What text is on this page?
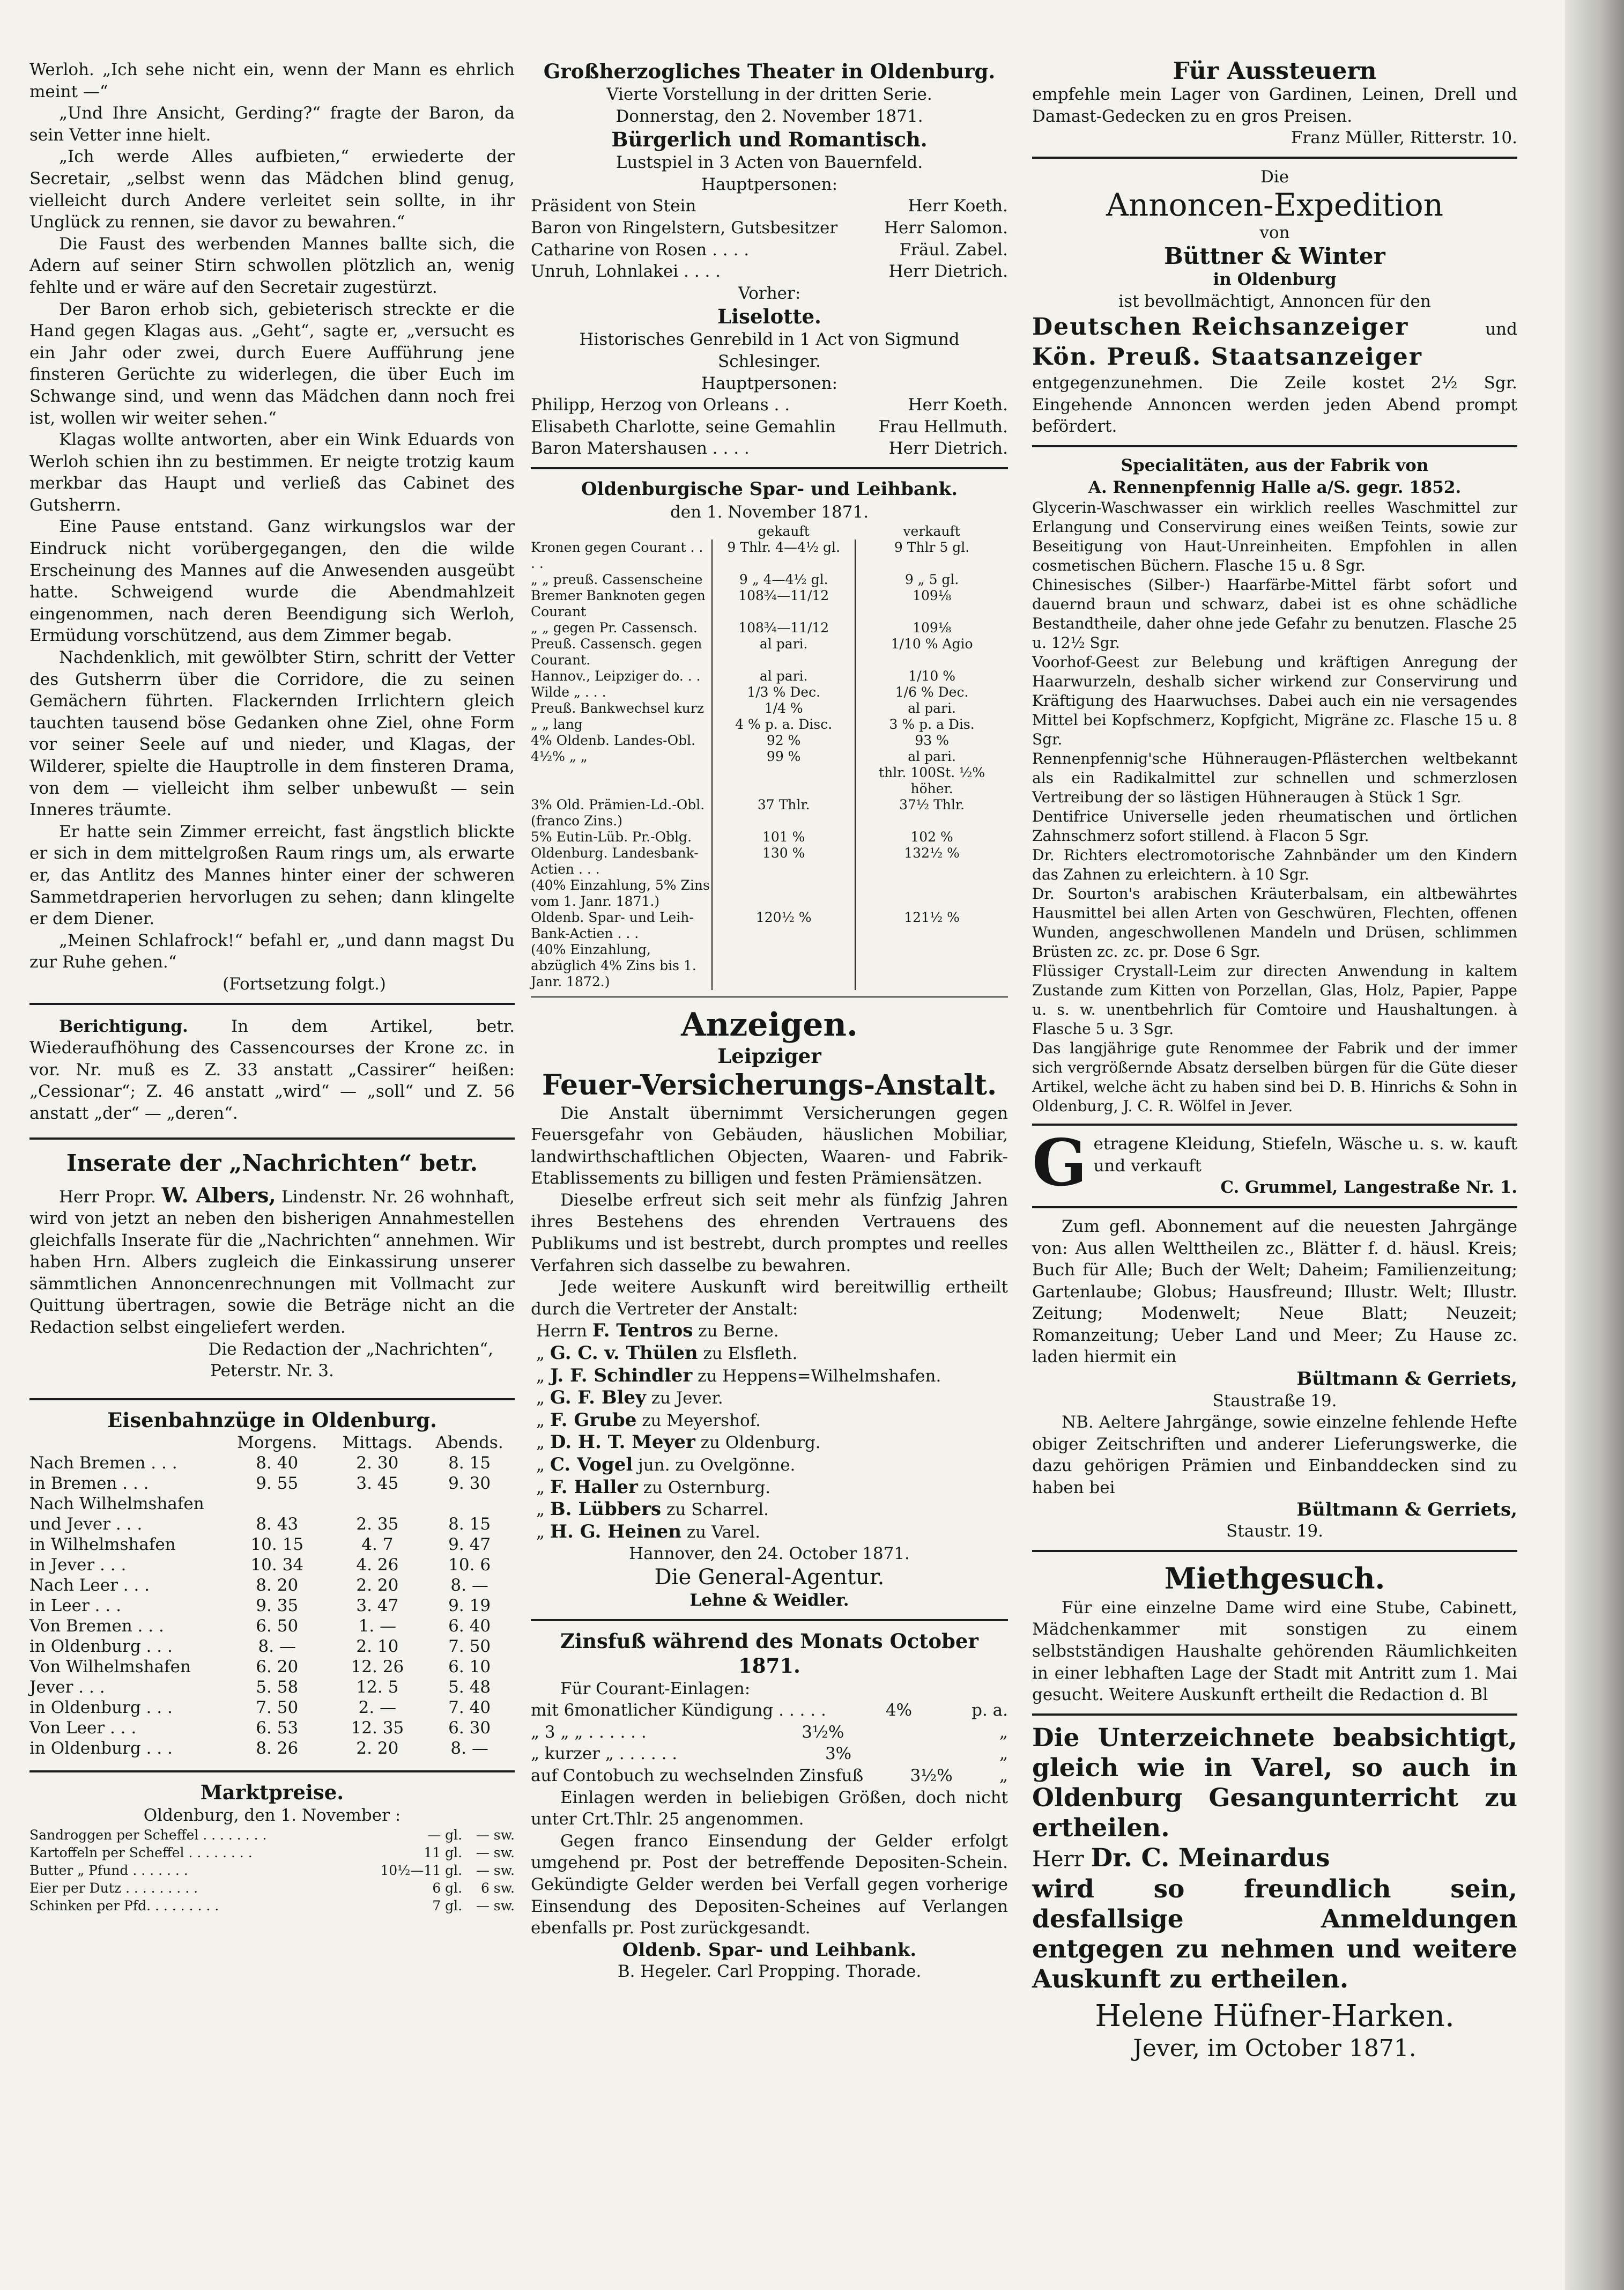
Werloh. „Ich sehe nicht ein, wenn der Mann es ehrlich meint —“

„Und Ihre Ansicht, Gerding?“ fragte der Baron, da sein Vetter inne hielt.

„Ich werde Alles aufbieten,“ erwiederte der Secretair, „selbst wenn das Mädchen blind genug, vielleicht durch Andere verleitet sein sollte, in ihr Unglück zu rennen, sie davor zu bewahren.“

Die Faust des werbenden Mannes ballte sich, die Adern auf seiner Stirn schwollen plötzlich an, wenig fehlte und er wäre auf den Secretair zugestürzt.

Der Baron erhob sich, gebieterisch streckte er die Hand gegen Klagas aus. „Geht“, sagte er, „versucht es ein Jahr oder zwei, durch Euere Aufführung jene finsteren Gerüchte zu widerlegen, die über Euch im Schwange sind, und wenn das Mädchen dann noch frei ist, wollen wir weiter sehen.“

Klagas wollte antworten, aber ein Wink Eduards von Werloh schien ihn zu bestimmen. Er neigte trotzig kaum merkbar das Haupt und verließ das Cabinet des Gutsherrn.

Eine Pause entstand. Ganz wirkungslos war der Eindruck nicht vorübergegangen, den die wilde Erscheinung des Mannes auf die Anwesenden ausgeübt hatte. Schweigend wurde die Abendmahlzeit eingenommen, nach deren Beendigung sich Werloh, Ermüdung vorschützend, aus dem Zimmer begab.

Nachdenklich, mit gewölbter Stirn, schritt der Vetter des Gutsherrn über die Corridore, die zu seinen Gemächern führten. Flackernden Irrlichtern gleich tauchten tausend böse Gedanken ohne Ziel, ohne Form vor seiner Seele auf und nieder, und Klagas, der Wilderer, spielte die Hauptrolle in dem finsteren Drama, von dem — vielleicht ihm selber unbewußt — sein Inneres träumte.

Er hatte sein Zimmer erreicht, fast ängstlich blickte er sich in dem mittelgroßen Raum rings um, als erwarte er, das Antlitz des Mannes hinter einer der schweren Sammetdraperien hervorlugen zu sehen; dann klingelte er dem Diener.

„Meinen Schlafrock!“ befahl er, „und dann magst Du zur Ruhe gehen.“

(Fortsetzung folgt.)

Berichtigung.	In dem Artikel, betr. Wiederaufhöhung des Cassencourses der Krone zc. in vor. Nr. muß es Z. 33 anstatt „Cassirer“ heißen: „Cessionar“; Z. 46 anstatt „wird“ — „soll“ und Z. 56 anstatt „der“ — „deren“.

Inserate der „Nachrichten“ betr.

Herr Propr. W. Albers, Lindenstr. Nr. 26 wohnhaft, wird von jetzt an neben den bisherigen Annahmestellen gleichfalls Inserate für die „Nachrichten“ annehmen. Wir haben Hrn. Albers zugleich die Einkassirung unserer sämmtlichen Annoncenrechnungen mit Vollmacht zur Quittung übertragen, sowie die Beträge nicht an die Redaction selbst eingeliefert werden.

Die Redaction der „Nachrichten“,

Peterstr. Nr. 3.

Eisenbahnzüge in Oldenburg.
	Morgens.	Mittags.	Abends.
Nach Bremen . . .	8. 40	2. 30	8. 15
in Bremen . . .	9. 55	3. 45	9. 30
Nach Wilhelmshafen			
und Jever . . .	8. 43	2. 35	8. 15
in Wilhelmshafen	10. 15	4. 7	9. 47
in Jever . . .	10. 34	4. 26	10. 6
Nach Leer . . .	8. 20	2. 20	8. —
in Leer . . .	9. 35	3. 47	9. 19
Von Bremen . . .	6. 50	1. —	6. 40
in Oldenburg . . .	8. —	2. 10	7. 50
Von Wilhelmshafen	6. 20	12. 26	6. 10
Jever . . .	5. 58	12. 5	5. 48
in Oldenburg . . .	7. 50	2. —	7. 40
Von Leer . . .	6. 53	12. 35	6. 30
in Oldenburg . . .	8. 26	2. 20	8. —
Marktpreise.

Oldenburg, den 1. November :

Sandroggen per Scheffel . . . . . . . .	— gl.	— sw.
Kartoffeln per Scheffel . . . . . . . .	11 gl.	— sw.
Butter „ Pfund . . . . . . .	10½—11 gl.	— sw.
Eier per Dutz . . . . . . . . .	6 gl.	6 sw.
Schinken per Pfd. . . . . . . . .	7 gl.	— sw.
Großherzogliches Theater in Oldenburg.

Vierte Vorstellung in der dritten Serie.

Donnerstag, den 2. November 1871.

Bürgerlich und Romantisch.

Lustspiel in 3 Acten von Bauernfeld.

Hauptpersonen:

Präsident von Stein	Herr Koeth.
Baron von Ringelstern, Gutsbesitzer	Herr Salomon.
Catharine von Rosen . . . .	Fräul. Zabel.
Unruh, Lohnlakei . . . .	Herr Dietrich.

Vorher:

Liselotte.

Historisches Genrebild in 1 Act von Sigmund Schlesinger.

Hauptpersonen:

Philipp, Herzog von Orleans . .	Herr Koeth.
Elisabeth Charlotte, seine Gemahlin	Frau Hellmuth.
Baron Matershausen . . . .	Herr Dietrich.
Oldenburgische Spar- und Leihbank.

den 1. November 1871.

	gekauft	verkauft
Kronen gegen Courant . . . .	9 Thlr. 4—4½ gl.	9 Thlr 5 gl.
„ „ preuß. Cassenscheine	9 „ 4—4½ gl.	9 „ 5 gl.
Bremer Banknoten gegen Courant	108¾—11/12	109⅛
„ „ gegen Pr. Cassensch.	108¾—11/12	109⅛
Preuß. Cassensch. gegen Courant.	al pari.	1/10 % Agio
Hannov., Leipziger do. . .	al pari.	1/10 %
Wilde „ . . .	1/3 % Dec.	1/6 % Dec.
Preuß. Bankwechsel kurz	1/4 %	al pari.
„ „ lang	4 % p. a. Disc.	3 % p. a Dis.
4% Oldenb. Landes-Obl.	92 %	93 %
4½% „ „	99 %	al pari.
		thlr. 100St. ½% höher.
3% Old. Prämien-Ld.-Obl. (franco Zins.)	37 Thlr.	37½ Thlr.
5% Eutin-Lüb. Pr.-Oblg.	101 %	102 %
Oldenburg. Landesbank-Actien . . .	130 %	132½ %
(40% Einzahlung, 5% Zins vom 1. Janr. 1871.)		
Oldenb. Spar- und Leih-Bank-Actien . . .	120½ %	121½ %
(40% Einzahlung, abzüglich 4% Zins bis 1. Janr. 1872.)		
Anzeigen.
Leipziger
Feuer-Versicherungs-Anstalt.

Die Anstalt übernimmt Versicherungen gegen Feuersgefahr von Gebäuden, häuslichen Mobiliar, landwirthschaftlichen Objecten, Waaren- und Fabrik-Etablissements zu billigen und festen Prämiensätzen.

Dieselbe erfreut sich seit mehr als fünfzig Jahren ihres Bestehens des ehrenden Vertrauens des Publikums und ist bestrebt, durch promptes und reelles Verfahren sich dasselbe zu bewahren.

Jede weitere Auskunft wird bereitwillig ertheilt durch die Vertreter der Anstalt:

Herrn F. Tentros zu Berne.

„ G. C. v. Thülen zu Elsfleth.

„ J. F. Schindler zu Heppens=Wilhelmshafen.

„ G. F. Bley zu Jever.

„ F. Grube zu Meyershof.

„ D. H. T. Meyer zu Oldenburg.

„ C. Vogel jun. zu Ovelgönne.

„ F. Haller zu Osternburg.

„ B. Lübbers zu Scharrel.

„ H. G. Heinen zu Varel.

Hannover, den 24. October 1871.

Die General-Agentur.

Lehne & Weidler.

Zinsfuß während des Monats October 1871.

Für Courant-Einlagen:

mit 6monatlicher Kündigung . . . . .	4%	p. a.
„ 3 „ „ . . . . . .	3½%	„
„ kurzer „ . . . . . .	3%	„
auf Contobuch zu wechselnden Zinsfuß	3½%	„

Einlagen werden in beliebigen Größen, doch nicht unter Crt.Thlr. 25 angenommen.

Gegen franco Einsendung der Gelder erfolgt umgehend pr. Post der betreffende Depositen-Schein. Gekündigte Gelder werden bei Verfall gegen vorherige Einsendung des Depositen-Scheines auf Verlangen ebenfalls pr. Post zurückgesandt.

Oldenb. Spar- und Leihbank.

B. Hegeler. Carl Propping. Thorade.

Für Aussteuern

empfehle mein Lager von Gardinen, Leinen, Drell und Damast-Gedecken zu en gros Preisen.

Franz Müller, Ritterstr. 10.

Die

Annoncen-Expedition

von

Büttner & Winter

in Oldenburg

ist bevollmächtigt, Annoncen für den

Deutschen Reichsanzeiger	und
Kön. Preuß. Staatsanzeiger

entgegenzunehmen. Die Zeile kostet 2½ Sgr. Eingehende Annoncen werden jeden Abend prompt befördert.

Specialitäten, aus der Fabrik von

A. Rennenpfennig Halle a/S. gegr. 1852.

Glycerin-Waschwasser ein wirklich reelles Waschmittel zur Erlangung und Conservirung eines weißen Teints, sowie zur Beseitigung von Haut-Unreinheiten. Empfohlen in allen cosmetischen Büchern. Flasche 15 u. 8 Sgr.

Chinesisches (Silber-) Haarfärbe-Mittel färbt sofort und dauernd braun und schwarz, dabei ist es ohne schädliche Bestandtheile, daher ohne jede Gefahr zu benutzen. Flasche 25 u. 12½ Sgr.

Voorhof-Geest zur Belebung und kräftigen Anregung der Haarwurzeln, deshalb sicher wirkend zur Conservirung und Kräftigung des Haarwuchses. Dabei auch ein nie versagendes Mittel bei Kopfschmerz, Kopfgicht, Migräne zc. Flasche 15 u. 8 Sgr.

Rennenpfennig'sche Hühneraugen-Pflästerchen weltbekannt als ein Radikalmittel zur schnellen und schmerzlosen Vertreibung der so lästigen Hühneraugen à Stück 1 Sgr.

Dentifrice Universelle jeden rheumatischen und örtlichen Zahnschmerz sofort stillend. à Flacon 5 Sgr.

Dr. Richters electromotorische Zahnbänder um den Kindern das Zahnen zu erleichtern. à 10 Sgr.

Dr. Sourton's arabischen Kräuterbalsam, ein altbewährtes Hausmittel bei allen Arten von Geschwüren, Flechten, offenen Wunden, angeschwollenen Mandeln und Drüsen, schlimmen Brüsten zc. zc. pr. Dose 6 Sgr.

Flüssiger Crystall-Leim zur directen Anwendung in kaltem Zustande zum Kitten von Porzellan, Glas, Holz, Papier, Pappe u. s. w. unentbehrlich für Comtoire und Haushaltungen. à Flasche 5 u. 3 Sgr.

Das langjährige gute Renommee der Fabrik und der immer sich vergrößernde Absatz derselben bürgen für die Güte dieser Artikel, welche ächt zu haben sind bei D. B. Hinrichs & Sohn in Oldenburg, J. C. R. Wölfel in Jever.

G etragene Kleidung, Stiefeln, Wäsche u. s. w. kauft und verkauft

C. Grummel, Langestraße Nr. 1.

Zum gefl. Abonnement auf die neuesten Jahrgänge von: Aus allen Welttheilen zc., Blätter f. d. häusl. Kreis; Buch für Alle; Buch der Welt; Daheim; Familienzeitung; Gartenlaube; Globus; Hausfreund; Illustr. Welt; Illustr. Zeitung; Modenwelt; Neue Blatt; Neuzeit; Romanzeitung; Ueber Land und Meer; Zu Hause zc. laden hiermit ein

Bültmann & Gerriets,

Staustraße 19.

NB. Aeltere Jahrgänge, sowie einzelne fehlende Hefte obiger Zeitschriften und anderer Lieferungswerke, die dazu gehörigen Prämien und Einbanddecken sind zu haben bei

Bültmann & Gerriets,

Staustr. 19.

Miethgesuch.

Für eine einzelne Dame wird eine Stube, Cabinett, Mädchenkammer mit sonstigen zu einem selbstständigen Haushalte gehörenden Räumlichkeiten in einer lebhaften Lage der Stadt mit Antritt zum 1. Mai gesucht. Weitere Auskunft ertheilt die Redaction d. Bl

Die Unterzeichnete beabsichtigt, gleich wie in Varel, so auch in Oldenburg Gesangunterricht zu ertheilen.

Herr Dr. C. Meinardus

wird so freundlich sein, desfallsige Anmeldungen entgegen zu nehmen und weitere Auskunft zu ertheilen.

Helene Hüfner-Harken.

Jever, im October 1871.
